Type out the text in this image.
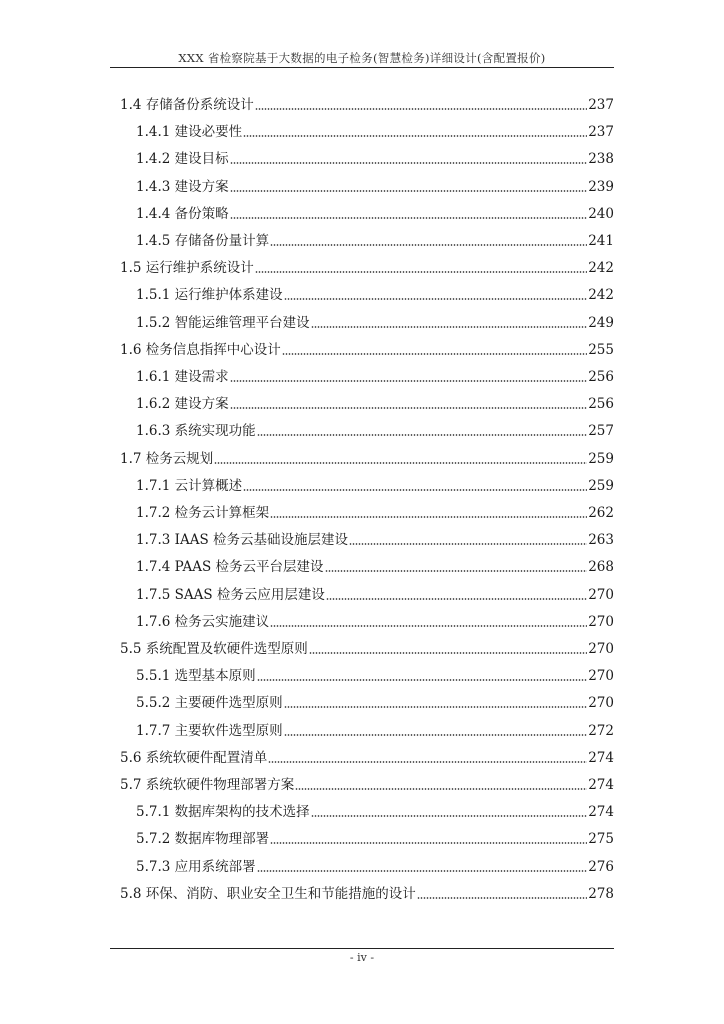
XXX 省检察院基于大数据的电子检务(智慧检务)详细设计(含配置报价)
1.4 存储备份系统设计	237
1.4.1 建设必要性	237
1.4.2 建设目标	238
1.4.3 建设方案	239
1.4.4 备份策略	240
1.4.5 存储备份量计算	241
1.5 运行维护系统设计	242
1.5.1 运行维护体系建设	242
1.5.2 智能运维管理平台建设	249
1.6 检务信息指挥中心设计	255
1.6.1 建设需求	256
1.6.2 建设方案	256
1.6.3 系统实现功能	257
1.7 检务云规划	259
1.7.1 云计算概述	259
1.7.2 检务云计算框架	262
1.7.3 IAAS 检务云基础设施层建设	263
1.7.4 PAAS 检务云平台层建设	268
1.7.5 SAAS 检务云应用层建设	270
1.7.6 检务云实施建议	270
5.5 系统配置及软硬件选型原则	270
5.5.1 选型基本原则	270
5.5.2 主要硬件选型原则	270
1.7.7 主要软件选型原则	272
5.6 系统软硬件配置清单	274
5.7 系统软硬件物理部署方案	274
5.7.1 数据库架构的技术选择	274
5.7.2 数据库物理部署	275
5.7.3 应用系统部署	276
5.8 环保、消防、职业安全卫生和节能措施的设计	278
- iv -
